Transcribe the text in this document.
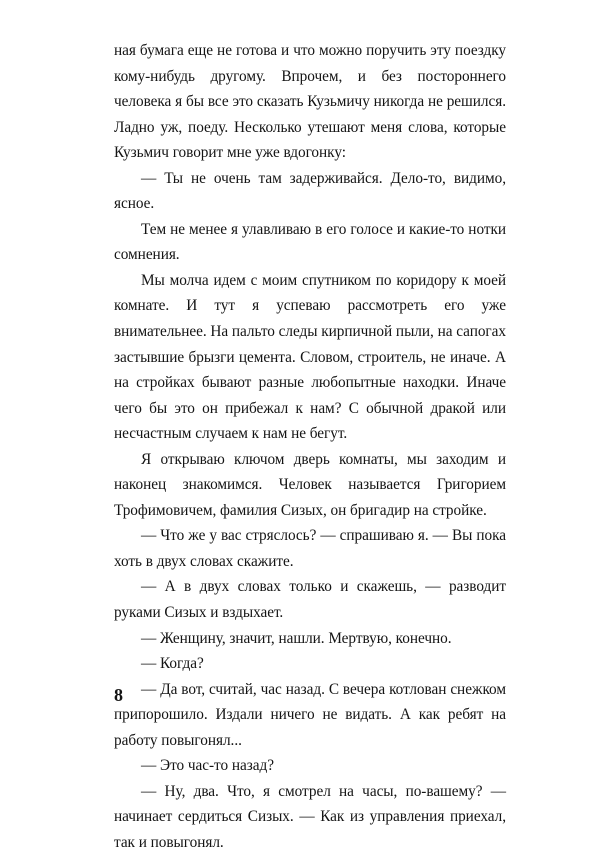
ная бумага еще не готова и что можно поручить эту поездку кому-нибудь другому. Впрочем, и без постороннего человека я бы все это сказать Кузьмичу никогда не решился. Ладно уж, поеду. Несколько утешают меня слова, которые Кузьмич говорит мне уже вдогонку:

— Ты не очень там задерживайся. Дело-то, видимо, ясное.

Тем не менее я улавливаю в его голосе и какие-то нотки сомнения.

Мы молча идем с моим спутником по коридору к моей комнате. И тут я успеваю рассмотреть его уже внимательнее. На пальто следы кирпичной пыли, на сапогах застывшие брызги цемента. Словом, строитель, не иначе. А на стройках бывают разные любопытные находки. Иначе чего бы это он прибежал к нам? С обычной дракой или несчастным случаем к нам не бегут.

Я открываю ключом дверь комнаты, мы заходим и наконец знакомимся. Человек называется Григорием Трофимовичем, фамилия Сизых, он бригадир на стройке.

— Что же у вас стряслось? — спрашиваю я. — Вы пока хоть в двух словах скажите.

— А в двух словах только и скажешь, — разводит руками Сизых и вздыхает.

— Женщину, значит, нашли. Мертвую, конечно.

— Когда?

— Да вот, считай, час назад. С вечера котлован снежком припорошило. Издали ничего не видать. А как ребят на работу повыгонял...

— Это час-то назад?

— Ну, два. Что, я смотрел на часы, по-вашему? — начинает сердиться Сизых. — Как из управления приехал, так и повыгонял.

8
